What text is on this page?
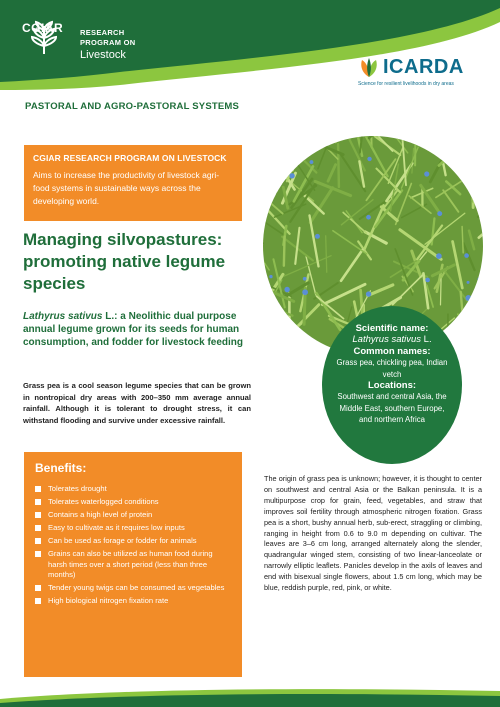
CGIAR	RESEARCH
PROGRAM ON
Livestock
ICARDA
Science for resilient livelihoods in dry areas
PASTORAL AND AGRO-PASTORAL SYSTEMS
CGIAR RESEARCH PROGRAM ON LIVESTOCK
Aims to increase the productivity of livestock agri-food systems in sustainable ways across the developing world.
Managing silvopastures: promoting native legume species
Lathyrus sativus L.: a Neolithic dual purpose annual legume grown for its seeds for human consumption, and fodder for livestock feeding
Grass pea is a cool season legume species that can be grown in nontropical dry areas with 200–350 mm average annual rainfall. Although it is tolerant to drought stress, it can withstand flooding and survive under excessive rainfall.
Scientific name:
Lathyrus sativus L.
Common names:
Grass pea, chickling pea, Indian vetch
Locations:
Southwest and central Asia, the Middle East, southern Europe, and northern Africa
Benefits:
Tolerates drought
Tolerates waterlogged conditions
Contains a high level of protein
Easy to cultivate as it requires low inputs
Can be used as forage or fodder for animals
Grains can also be utilized as human food during harsh times over a short period (less than three months)
Tender young twigs can be consumed as vegetables
High biological nitrogen fixation rate
The origin of grass pea is unknown; however, it is thought to center on southwest and central Asia or the Balkan peninsula. It is a multipurpose crop for grain, feed, vegetables, and straw that improves soil fertility through atmospheric nitrogen fixation. Grass pea is a short, bushy annual herb, sub-erect, straggling or climbing, ranging in height from 0.6 to 9.0 m depending on cultivar. The leaves are 3–6 cm long, arranged alternately along the slender, quadrangular winged stem, consisting of two linear-lanceolate or narrowly elliptic leaflets. Panicles develop in the axils of leaves and end with bisexual single flowers, about 1.5 cm long, which may be blue, reddish purple, red, pink, or white.
